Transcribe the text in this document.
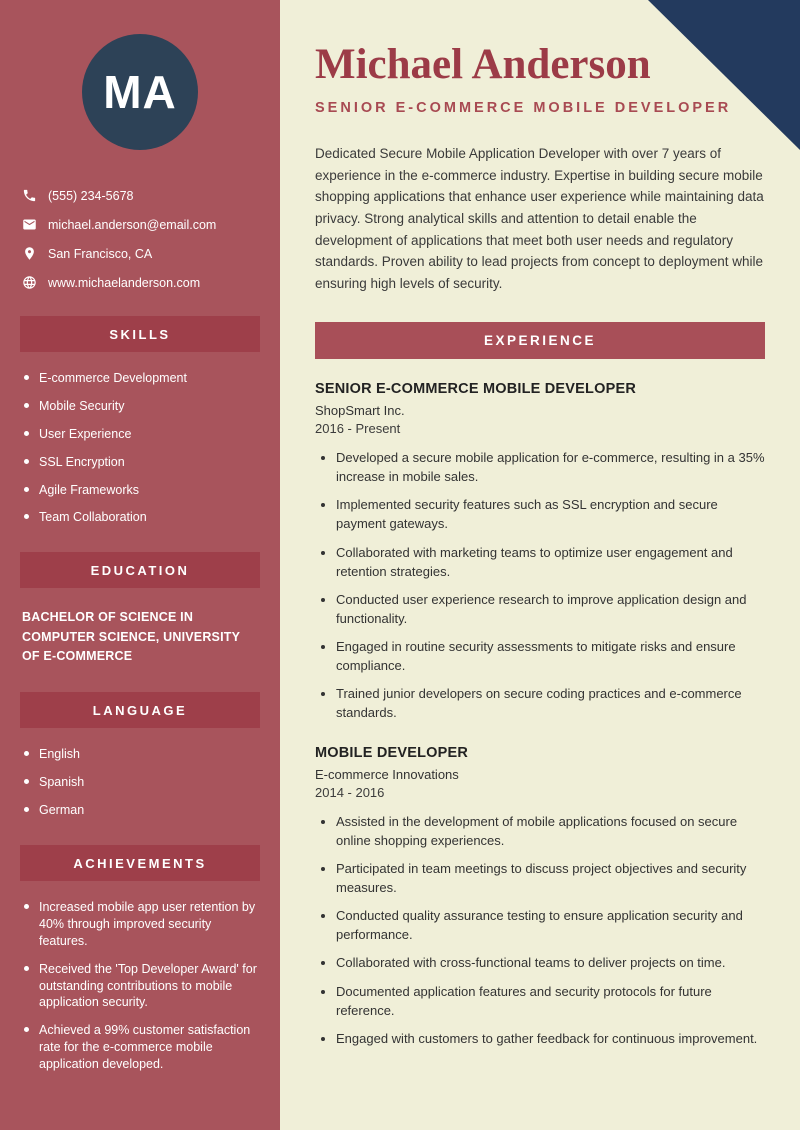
MA
(555) 234-5678
michael.anderson@email.com
San Francisco, CA
www.michaelanderson.com
SKILLS
E-commerce Development
Mobile Security
User Experience
SSL Encryption
Agile Frameworks
Team Collaboration
EDUCATION
BACHELOR OF SCIENCE IN COMPUTER SCIENCE, UNIVERSITY OF E-COMMERCE
LANGUAGE
English
Spanish
German
ACHIEVEMENTS
Increased mobile app user retention by 40% through improved security features.
Received the 'Top Developer Award' for outstanding contributions to mobile application security.
Achieved a 99% customer satisfaction rate for the e-commerce mobile application developed.
Michael Anderson
SENIOR E-COMMERCE MOBILE DEVELOPER

Dedicated Secure Mobile Application Developer with over 7 years of experience in the e-commerce industry. Expertise in building secure mobile shopping applications that enhance user experience while maintaining data privacy. Strong analytical skills and attention to detail enable the development of applications that meet both user needs and regulatory standards. Proven ability to lead projects from concept to deployment while ensuring high levels of security.

EXPERIENCE
SENIOR E-COMMERCE MOBILE DEVELOPER
ShopSmart Inc.
2016 - Present
• Developed a secure mobile application for e-commerce, resulting in a 35% increase in mobile sales.
• Implemented security features such as SSL encryption and secure payment gateways.
• Collaborated with marketing teams to optimize user engagement and retention strategies.
• Conducted user experience research to improve application design and functionality.
• Engaged in routine security assessments to mitigate risks and ensure compliance.
• Trained junior developers on secure coding practices and e-commerce standards.
MOBILE DEVELOPER
E-commerce Innovations
2014 - 2016
• Assisted in the development of mobile applications focused on secure online shopping experiences.
• Participated in team meetings to discuss project objectives and security measures.
• Conducted quality assurance testing to ensure application security and performance.
• Collaborated with cross-functional teams to deliver projects on time.
• Documented application features and security protocols for future reference.
• Engaged with customers to gather feedback for continuous improvement.
